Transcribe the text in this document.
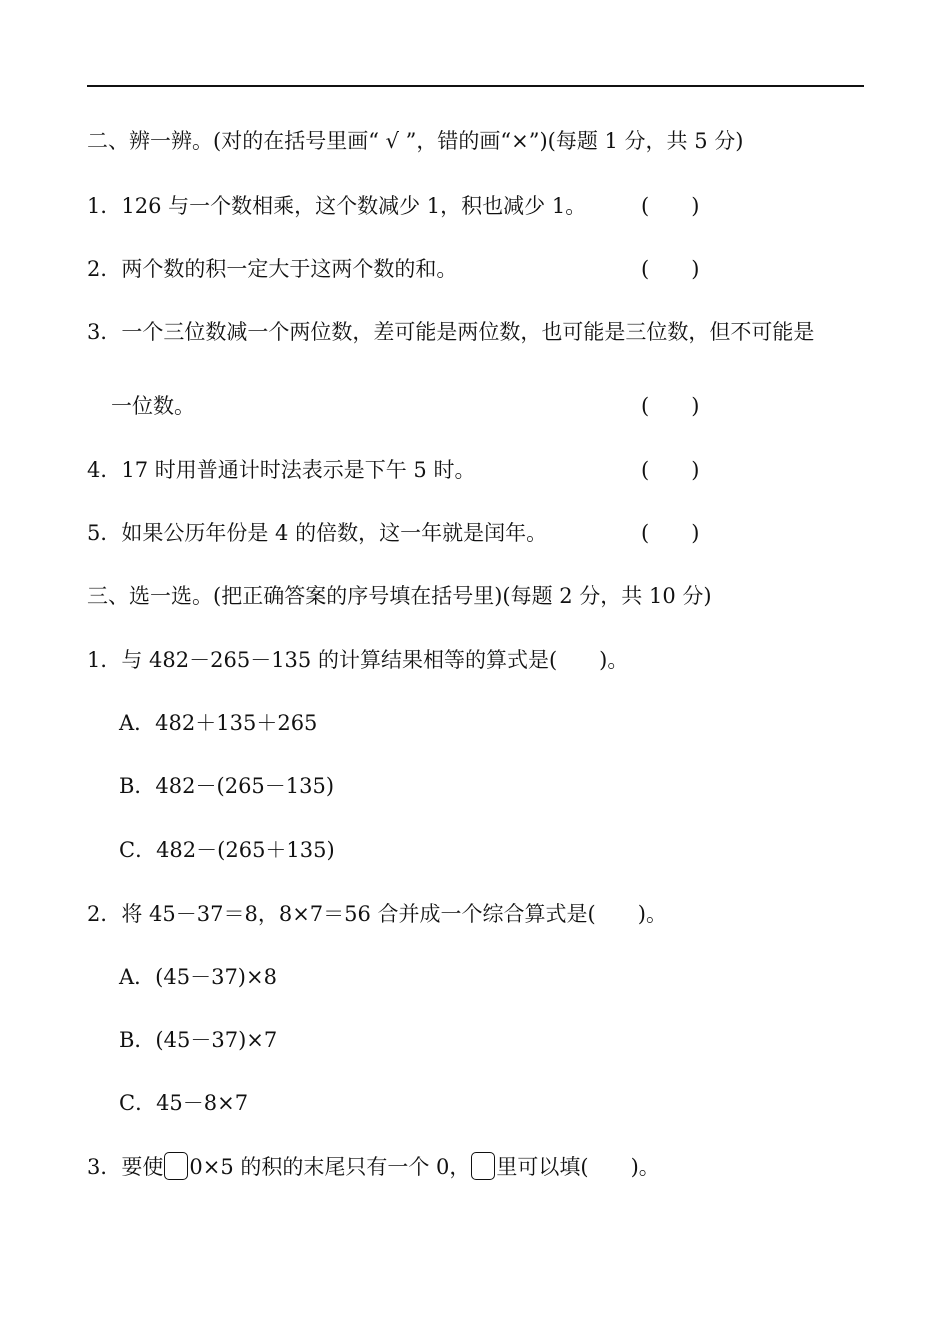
二、辨一辨。(对的在括号里画“ √ ”，错的画“×”)(每题 1 分，共 5 分)
1．126 与一个数相乘，这个数减少 1，积也减少 1。	(　　)
2．两个数的积一定大于这两个数的和。	(　　)
3．一个三位数减一个两位数，差可能是两位数，也可能是三位数，但不可能是
一位数。	(　　)
4．17 时用普通计时法表示是下午 5 时。	(　　)
5．如果公历年份是 4 的倍数，这一年就是闰年。	(　　)
三、选一选。(把正确答案的序号填在括号里)(每题 2 分，共 10 分)
1．与 482－265－135 的计算结果相等的算式是(　　)。
A．482＋135＋265
B．482－(265－135)
C．482－(265＋135)
2．将 45－37＝8，8×7＝56 合并成一个综合算式是(　　)。
A．(45－37)×8
B．(45－37)×7
C．45－8×7
3．要使 0×5 的积的末尾只有一个 0， 里可以填(　　)。
